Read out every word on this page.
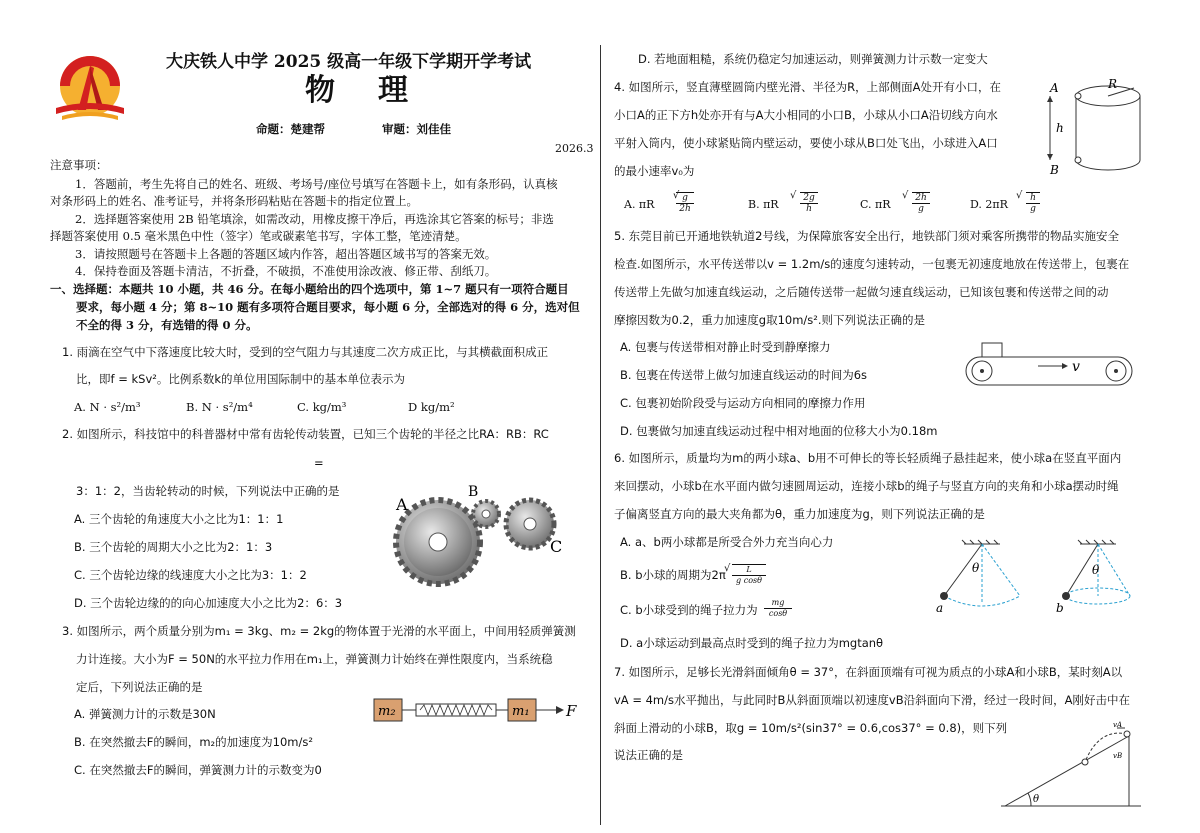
大庆铁人中学 2025 级高一年级下学期开学考试
物 理
命题：楚建帮	审题：刘佳佳
2026.3
注意事项：
1．答题前，考生先将自己的姓名、班级、考场号/座位号填写在答题卡上，如有条形码，认真核
对条形码上的姓名、准考证号，并将条形码粘贴在答题卡的指定位置上。
2．选择题答案使用 2B 铅笔填涂，如需改动，用橡皮擦干净后，再选涂其它答案的标号；非选
择题答案使用 0.5 毫米黑色中性（签字）笔或碳素笔书写，字体工整，笔迹清楚。
3．请按照题号在答题卡上各题的答题区域内作答，超出答题区域书写的答案无效。
4．保持卷面及答题卡清洁，不折叠，不破损，不准使用涂改液、修正带、刮纸刀。
一、选择题：本题共 10 小题，共 46 分。在每小题给出的四个选项中，第 1~7 题只有一项符合题目
要求，每小题 4 分；第 8~10 题有多项符合题目要求，每小题 6 分，全部选对的得 6 分，选对但
不全的得 3 分，有选错的得 0 分。
1. 雨滴在空气中下落速度比较大时，受到的空气阻力与其速度二次方成正比，与其横截面积成正
比，即f = kSv²。比例系数k的单位用国际制中的基本单位表示为
A. N · s²/m³	B. N · s²/m⁴	C. kg/m³	D kg/m²
2. 如图所示，科技馆中的科普器材中常有齿轮传动装置，已知三个齿轮的半径之比RA：RB：RC
=
3：1：2，当齿轮转动的时候，下列说法中正确的是
A. 三个齿轮的角速度大小之比为1：1：1
B. 三个齿轮的周期大小之比为2：1：3
C. 三个齿轮边缘的线速度大小之比为3：1：2
D. 三个齿轮边缘的的向心加速度大小之比为2：6：3
A
B
C
3. 如图所示，两个质量分别为m₁ = 3kg、m₂ = 2kg的物体置于光滑的水平面上，中间用轻质弹簧测
力计连接。大小为F = 50N的水平拉力作用在m₁上，弹簧测力计始终在弹性限度内，当系统稳
定后，下列说法正确的是
A. 弹簧测力计的示数是30N
B. 在突然撤去F的瞬间，m₂的加速度为10m/s²
C. 在突然撤去F的瞬间，弹簧测力计的示数变为0
m₂	m₁ F
D. 若地面粗糙，系统仍稳定匀加速运动，则弹簧测力计示数一定变大
4. 如图所示，竖直薄壁圆筒内壁光滑、半径为R，上部侧面A处开有小口，在
小口A的正下方h处亦开有与A大小相同的小口B，小球从小口A沿切线方向水
平射入筒内，使小球紧贴筒内壁运动，要使小球从B口处飞出，小球进入A口
的最小速率v₀为
A
B
R
h
A. πR
√ g
2h	B. πR
√ 2g
h	C. πR
√ 2h
g	D. 2πR
√ h
g
5. 东莞目前已开通地铁轨道2号线，为保障旅客安全出行，地铁部门须对乘客所携带的物品实施安全
检查.如图所示，水平传送带以v = 1.2m/s的速度匀速转动，一包裹无初速度地放在传送带上，包裹在
传送带上先做匀加速直线运动，之后随传送带一起做匀速直线运动，已知该包裹和传送带之间的动
摩擦因数为0.2，重力加速度g取10m/s².则下列说法正确的是
A. 包裹与传送带相对静止时受到静摩擦力
B. 包裹在传送带上做匀加速直线运动的时间为6s
C. 包裹初始阶段受与运动方向相同的摩擦力作用
D. 包裹做匀加速直线运动过程中相对地面的位移大小为0.18m
v
6. 如图所示，质量均为m的两小球a、b用不可伸长的等长轻质绳子悬挂起来，使小球a在竖直平面内
来回摆动，小球b在水平面内做匀速圆周运动，连接小球b的绳子与竖直方向的夹角和小球a摆动时绳
子偏离竖直方向的最大夹角都为θ，重力加速度为g，则下列说法正确的是
A. a、b两小球都是所受合外力充当向心力
B. b小球的周期为2π
√	L
g cosθ
C. b小球受到的绳子拉力为
mg
cosθ
D. a小球运动到最高点时受到的绳子拉力为mgtanθ
θ
a
θ
b
7. 如图所示，足够长光滑斜面倾角θ = 37°，在斜面顶端有可视为质点的小球A和小球B，某时刻A以
vA = 4m/s水平抛出，与此同时B从斜面顶端以初速度vB沿斜面向下滑，经过一段时间，A刚好击中在
斜面上滑动的小球B，取g = 10m/s²(sin37° = 0.6,cos37° = 0.8)，则下列
说法正确的是
θ
vA
vB
